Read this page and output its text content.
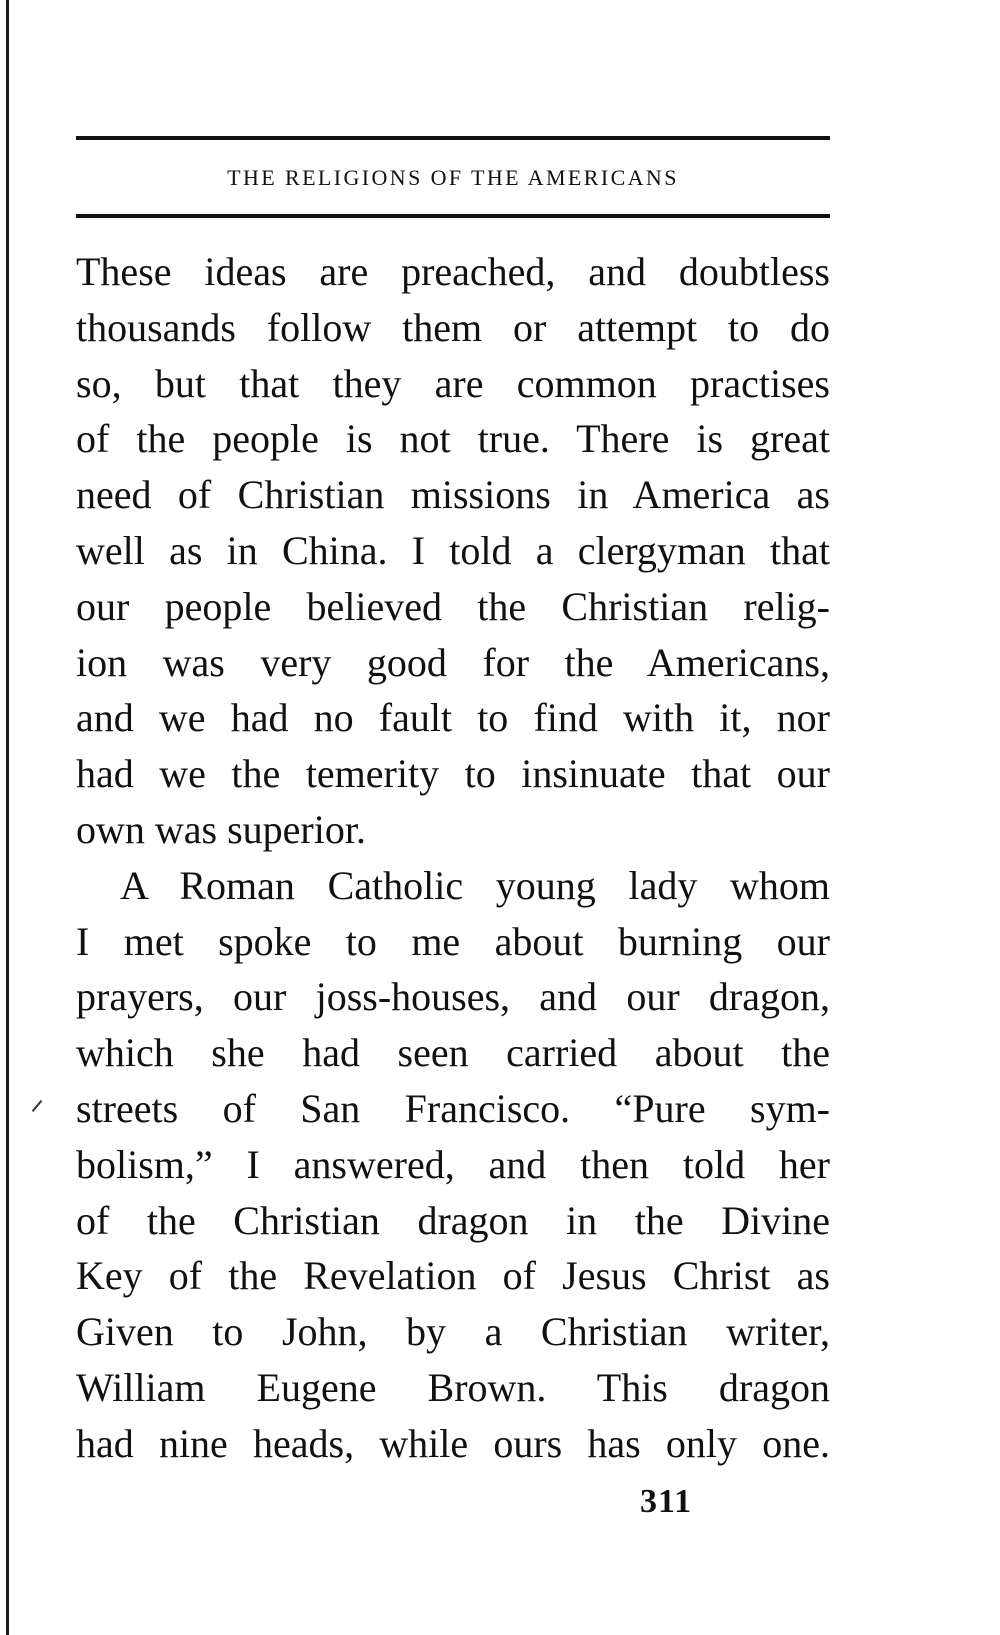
THE RELIGIONS OF THE AMERICANS
These ideas are preached, and doubtless
thousands follow them or attempt to do
so, but that they are common practises
of the people is not true. There is great
need of Christian missions in America as
well as in China. I told a clergyman that
our people believed the Christian relig-
ion was very good for the Americans,
and we had no fault to find with it, nor
had we the temerity to insinuate that our
own was superior.
A Roman Catholic young lady whom
I met spoke to me about burning our
prayers, our joss-houses, and our dragon,
which she had seen carried about the
streets of San Francisco. “Pure sym-
bolism,” I answered, and then told her
of the Christian dragon in the Divine
Key of the Revelation of Jesus Christ as
Given to John, by a Christian writer,
William Eugene Brown. This dragon
had nine heads, while ours has only one.
311
